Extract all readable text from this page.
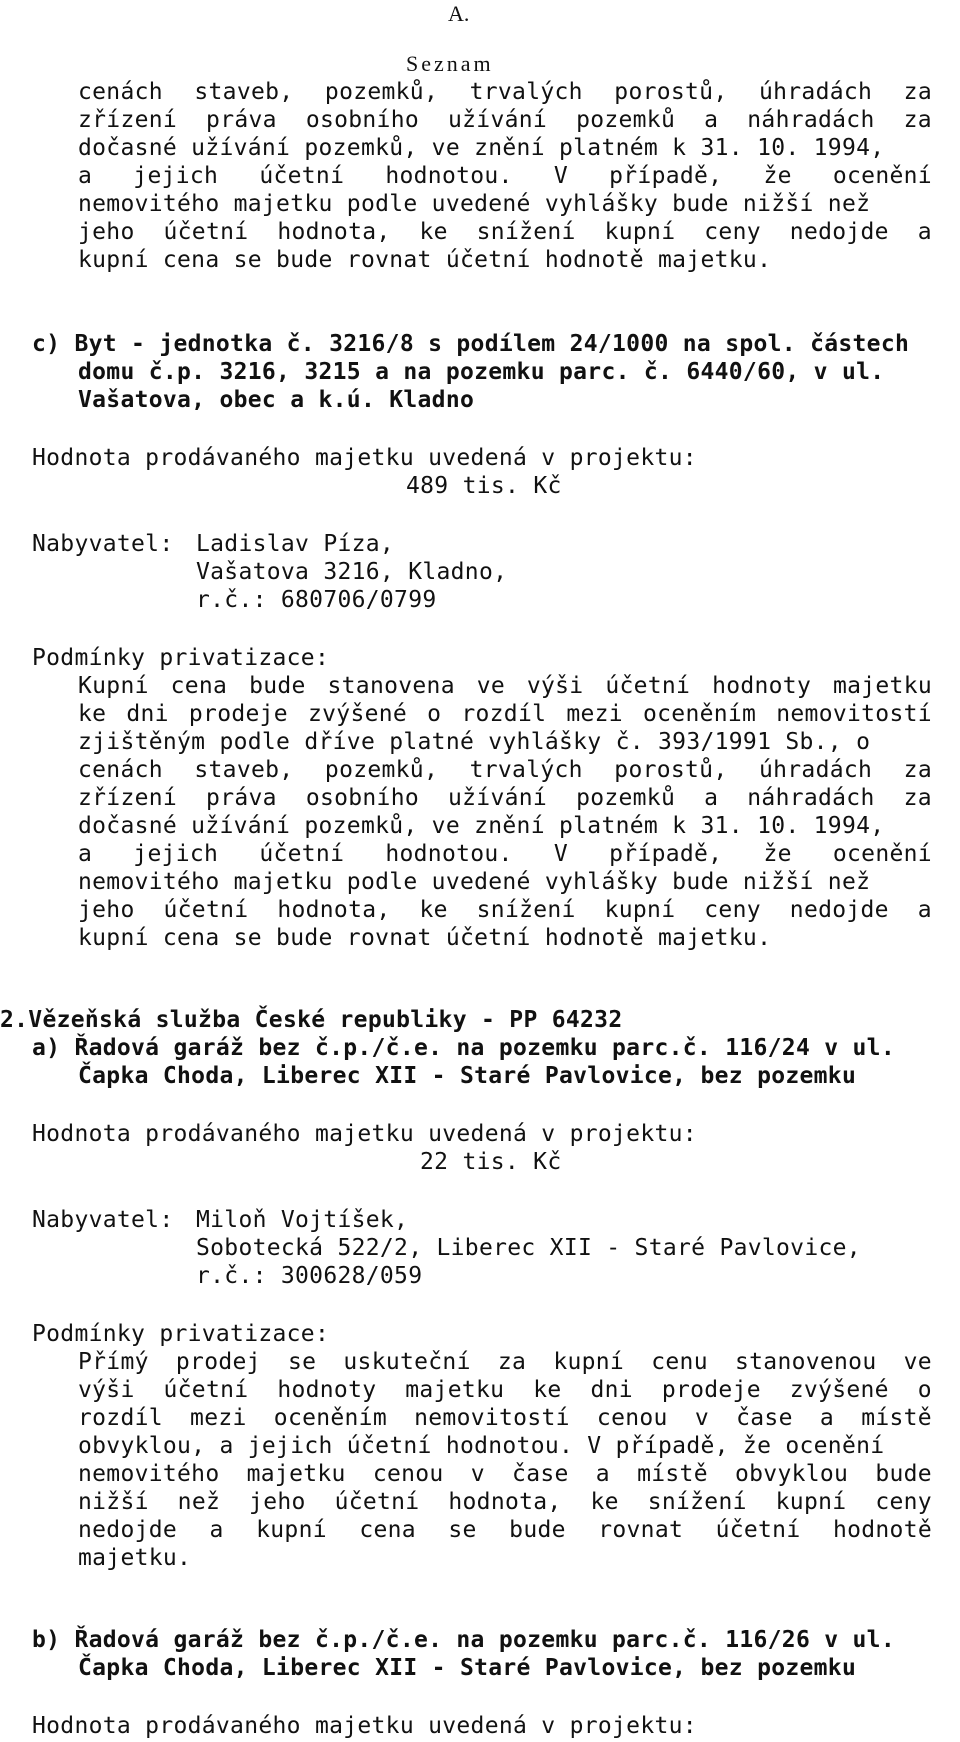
A.
Seznam
cenách staveb, pozemků, trvalých porostů, úhradách za
zřízení práva osobního užívání pozemků a náhradách za
dočasné užívání pozemků, ve znění platném k 31. 10. 1994,
a jejich účetní hodnotou. V případě, že ocenění
nemovitého majetku podle uvedené vyhlášky bude nižší než
jeho účetní hodnota, ke snížení kupní ceny nedojde a
kupní cena se bude rovnat účetní hodnotě majetku.
c) Byt - jednotka č. 3216/8 s podílem 24/1000 na spol. částech
domu č.p. 3216, 3215 a na pozemku parc. č. 6440/60, v ul.
Vašatova, obec a k.ú. Kladno
Hodnota prodávaného majetku uvedená v projektu:
489 tis. Kč
Nabyvatel: Ladislav Píza,
Vašatova 3216, Kladno,
r.č.: 680706/0799
Podmínky privatizace:
Kupní cena bude stanovena ve výši účetní hodnoty majetku
ke dni prodeje zvýšené o rozdíl mezi oceněním nemovitostí
zjištěným podle dříve platné vyhlášky č. 393/1991 Sb., o
cenách staveb, pozemků, trvalých porostů, úhradách za
zřízení práva osobního užívání pozemků a náhradách za
dočasné užívání pozemků, ve znění platném k 31. 10. 1994,
a jejich účetní hodnotou. V případě, že ocenění
nemovitého majetku podle uvedené vyhlášky bude nižší než
jeho účetní hodnota, ke snížení kupní ceny nedojde a
kupní cena se bude rovnat účetní hodnotě majetku.
2.Vězeňská služba České republiky - PP 64232
a) Řadová garáž bez č.p./č.e. na pozemku parc.č. 116/24 v ul.
Čapka Choda, Liberec XII - Staré Pavlovice, bez pozemku
Hodnota prodávaného majetku uvedená v projektu:
22 tis. Kč
Nabyvatel: Miloň Vojtíšek,
Sobotecká 522/2, Liberec XII - Staré Pavlovice,
r.č.: 300628/059
Podmínky privatizace:
Přímý prodej se uskuteční za kupní cenu stanovenou ve
výši účetní hodnoty majetku ke dni prodeje zvýšené o
rozdíl mezi oceněním nemovitostí cenou v čase a místě
obvyklou, a jejich účetní hodnotou. V případě, že ocenění
nemovitého majetku cenou v čase a místě obvyklou bude
nižší než jeho účetní hodnota, ke snížení kupní ceny
nedojde a kupní cena se bude rovnat účetní hodnotě
majetku.
b) Řadová garáž bez č.p./č.e. na pozemku parc.č. 116/26 v ul.
Čapka Choda, Liberec XII - Staré Pavlovice, bez pozemku
Hodnota prodávaného majetku uvedená v projektu:
